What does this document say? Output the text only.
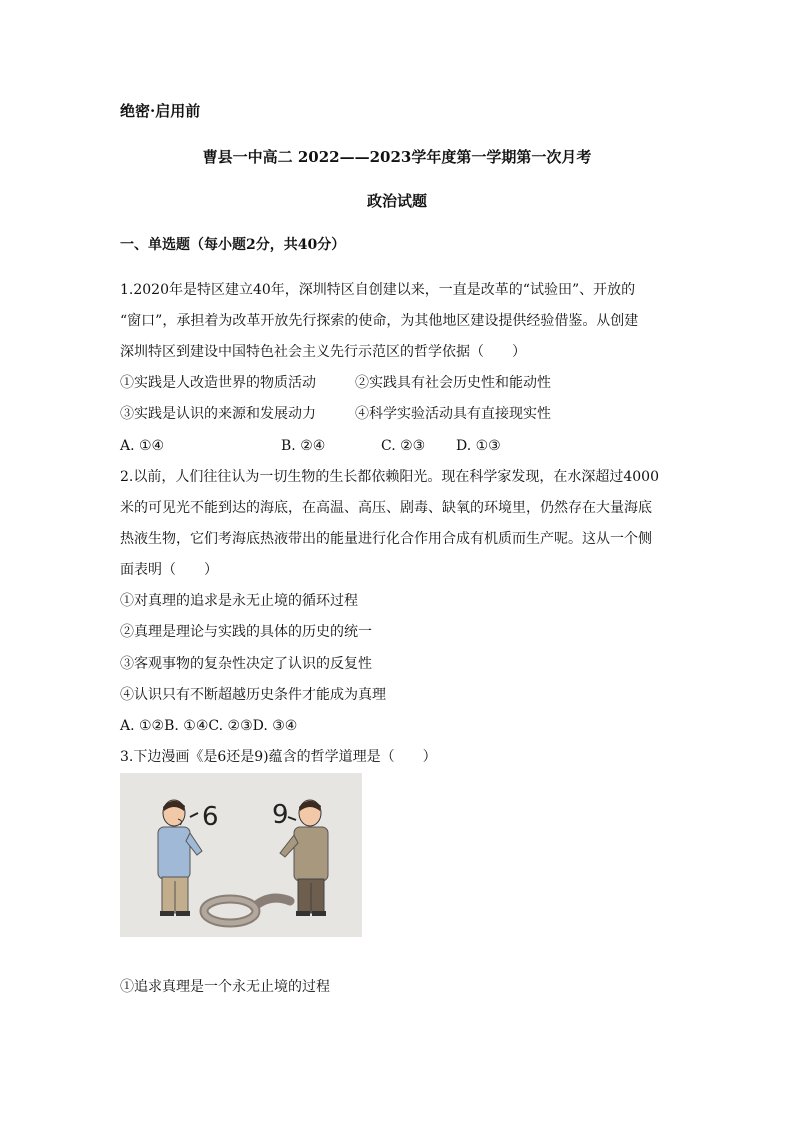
绝密·启用前
曹县一中高二 2022——2023学年度第一学期第一次月考
政治试题
一、单选题（每小题2分，共40分）
1.2020年是特区建立40年，深圳特区自创建以来，一直是改革的“试验田”、开放的
“窗口”，承担着为改革开放先行探索的使命，为其他地区建设提供经验借鉴。从创建
深圳特区到建设中国特色社会主义先行示范区的哲学依据（　　）
①实践是人改造世界的物质活动	②实践具有社会历史性和能动性
③实践是认识的来源和发展动力	④科学实验活动具有直接现实性
A. ①④	B. ②④	C. ②③ D. ①③
2.以前，人们往往认为一切生物的生长都依赖阳光。现在科学家发现，在水深超过4000
米的可见光不能到达的海底，在高温、高压、剧毒、缺氧的环境里，仍然存在大量海底
热液生物，它们考海底热液带出的能量进行化合作用合成有机质而生产呢。这从一个侧
面表明（　　）
①对真理的追求是永无止境的循环过程
②真理是理论与实践的具体的历史的统一
③客观事物的复杂性决定了认识的反复性
④认识只有不断超越历史条件才能成为真理
A. ①②B. ①④C. ②③D. ③④
3.下边漫画《是6还是9)蕴含的哲学道理是（　　）
6 9
①追求真理是一个永无止境的过程
